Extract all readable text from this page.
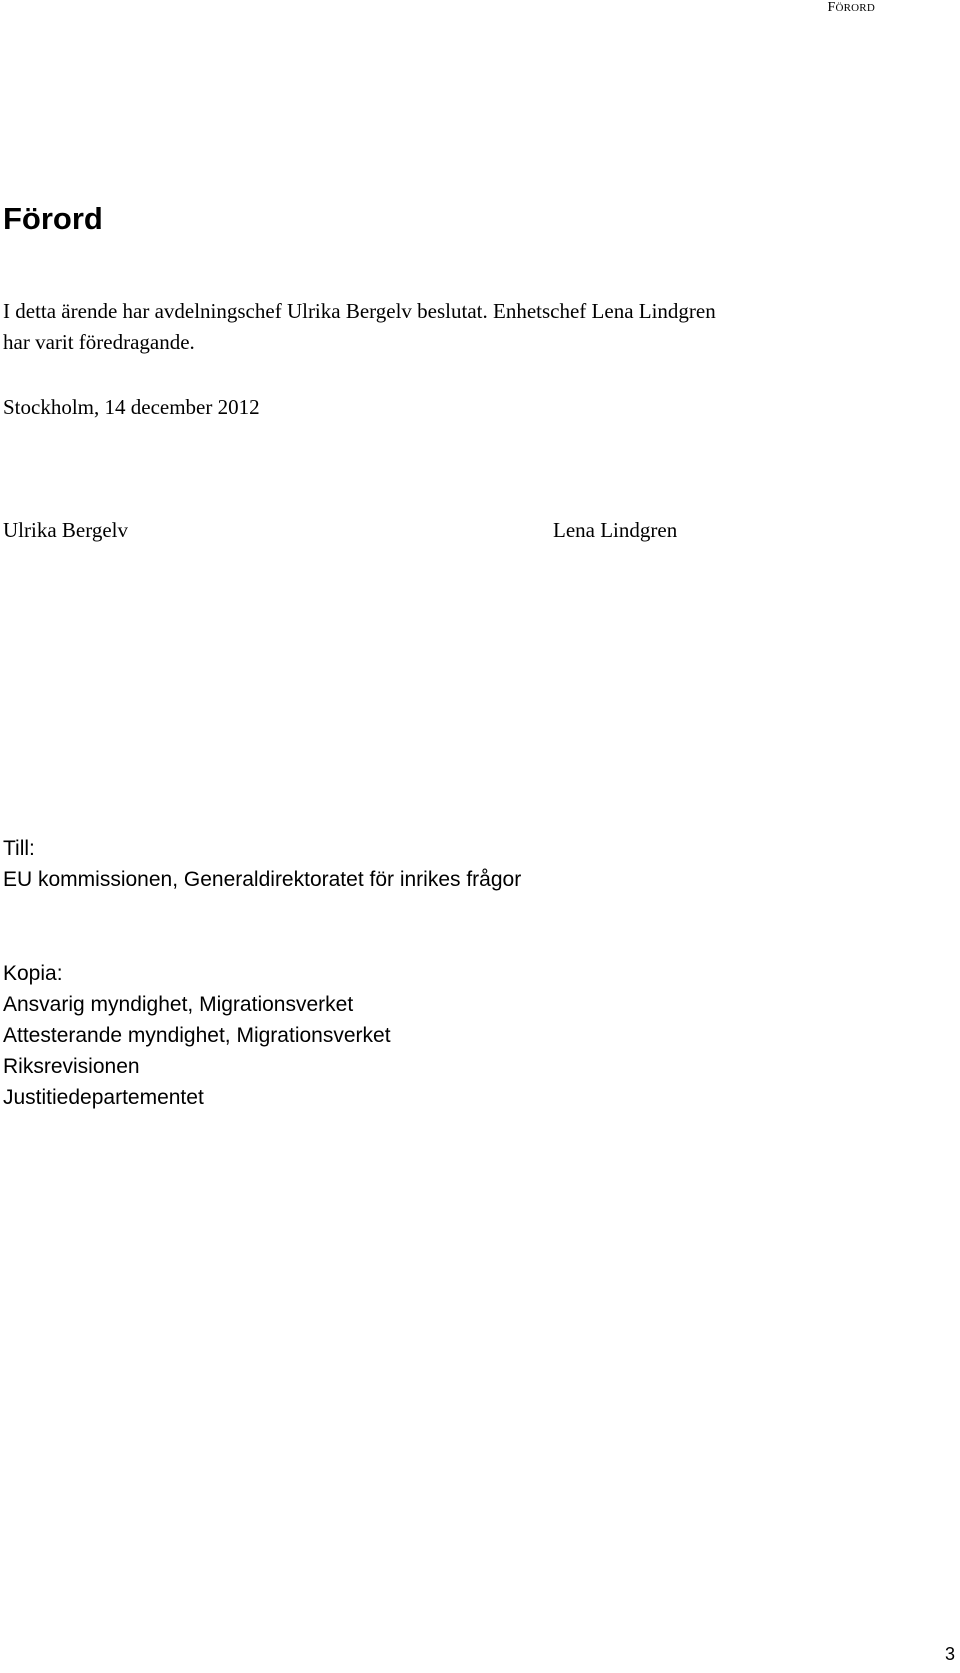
FÖRORD
Förord
I detta ärende har avdelningschef Ulrika Bergelv beslutat. Enhetschef Lena Lindgren
har varit föredragande.
Stockholm, 14 december 2012
Ulrika Bergelv	Lena Lindgren
Till:
EU kommissionen, Generaldirektoratet för inrikes frågor
Kopia:
Ansvarig myndighet, Migrationsverket
Attesterande myndighet, Migrationsverket
Riksrevisionen
Justitiedepartementet
3
